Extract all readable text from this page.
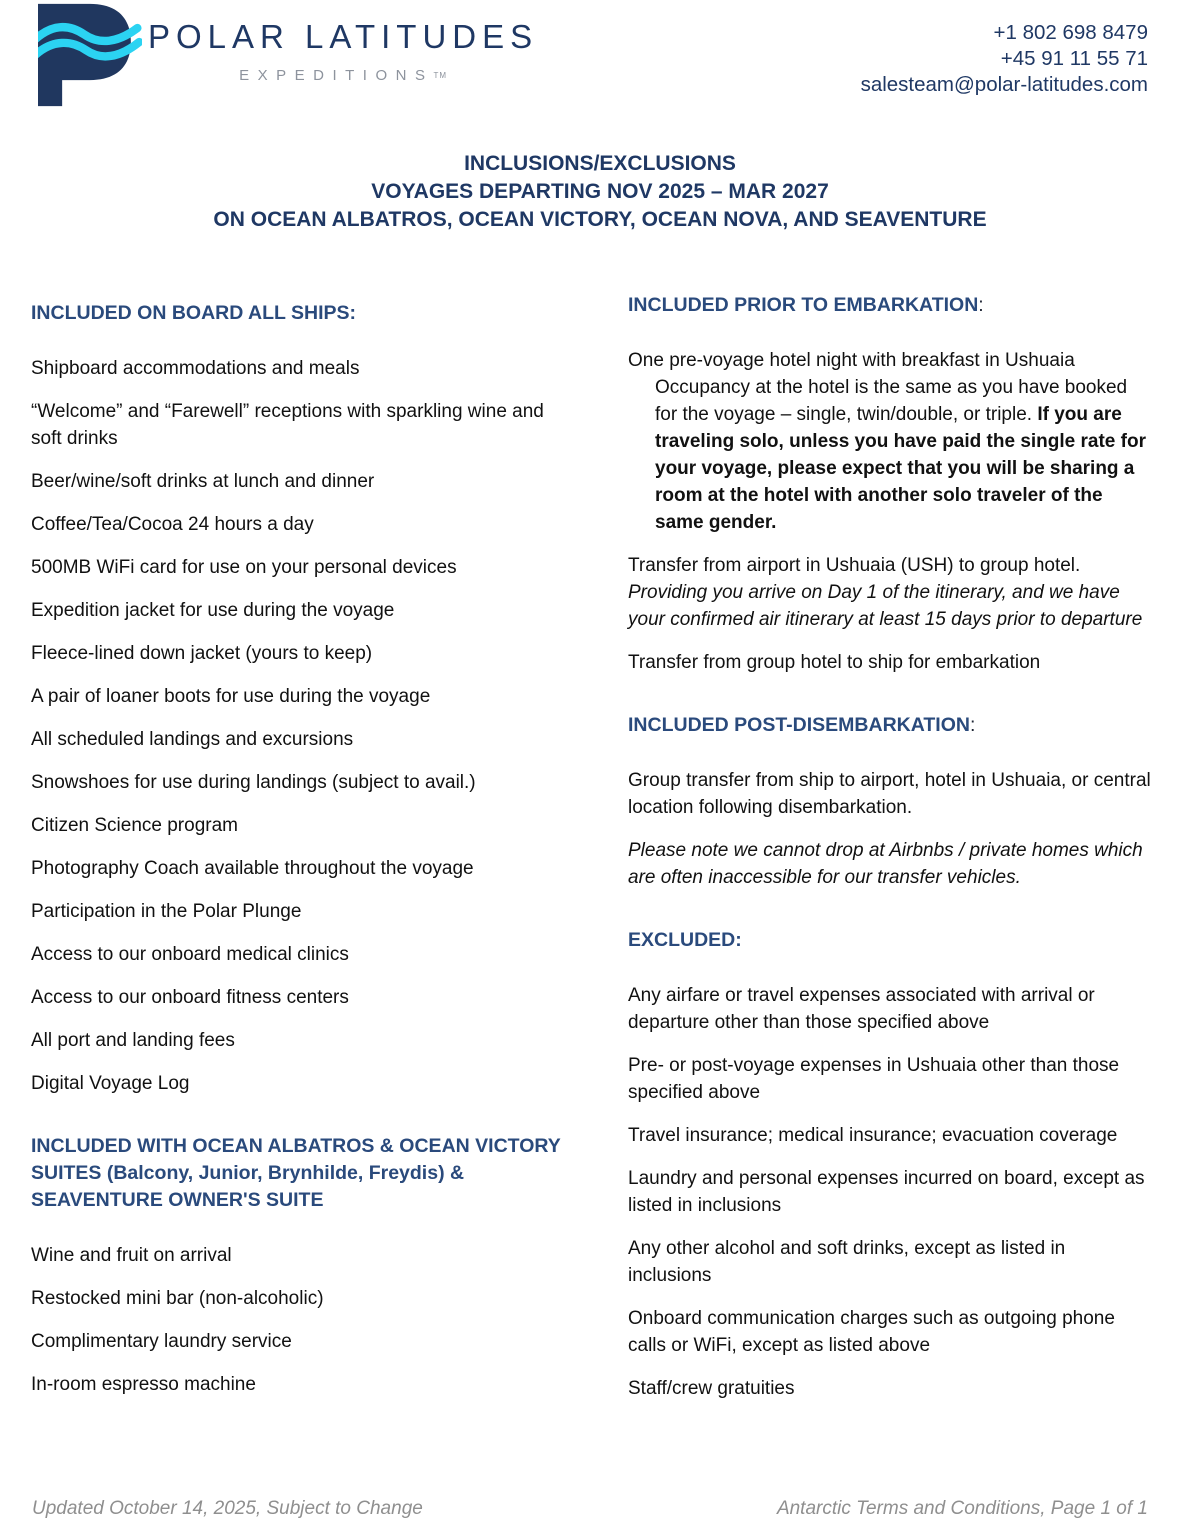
POLAR LATITUDES
EXPEDITIONSTM
+1 802 698 8479
+45 91 11 55 71
salesteam@polar-latitudes.com
INCLUSIONS/EXCLUSIONS
VOYAGES DEPARTING NOV 2025 – MAR 2027
ON OCEAN ALBATROS, OCEAN VICTORY, OCEAN NOVA, AND SEAVENTURE
INCLUDED ON BOARD ALL SHIPS:

Shipboard accommodations and meals

“Welcome” and “Farewell” receptions with sparkling wine and soft drinks

Beer/wine/soft drinks at lunch and dinner

Coffee/Tea/Cocoa 24 hours a day

500MB WiFi card for use on your personal devices

Expedition jacket for use during the voyage

Fleece-lined down jacket (yours to keep)

A pair of loaner boots for use during the voyage

All scheduled landings and excursions

Snowshoes for use during landings (subject to avail.)

Citizen Science program

Photography Coach available throughout the voyage

Participation in the Polar Plunge

Access to our onboard medical clinics

Access to our onboard fitness centers

All port and landing fees

Digital Voyage Log

INCLUDED WITH OCEAN ALBATROS & OCEAN VICTORY SUITES (Balcony, Junior, Brynhilde, Freydis) & SEAVENTURE OWNER'S SUITE

Wine and fruit on arrival

Restocked mini bar (non-alcoholic)

Complimentary laundry service

In-room espresso machine

INCLUDED PRIOR TO EMBARKATION:

One pre-voyage hotel night with breakfast in Ushuaia
Occupancy at the hotel is the same as you have booked for the voyage – single, twin/double, or triple. If you are traveling solo, unless you have paid the single rate for your voyage, please expect that you will be sharing a room at the hotel with another solo traveler of the same gender.

Transfer from airport in Ushuaia (USH) to group hotel.
Providing you arrive on Day 1 of the itinerary, and we have your confirmed air itinerary at least 15 days prior to departure

Transfer from group hotel to ship for embarkation

INCLUDED POST-DISEMBARKATION:

Group transfer from ship to airport, hotel in Ushuaia, or central location following disembarkation.

Please note we cannot drop at Airbnbs / private homes which are often inaccessible for our transfer vehicles.

EXCLUDED:

Any airfare or travel expenses associated with arrival or departure other than those specified above

Pre- or post-voyage expenses in Ushuaia other than those specified above

Travel insurance; medical insurance; evacuation coverage

Laundry and personal expenses incurred on board, except as listed in inclusions

Any other alcohol and soft drinks, except as listed in inclusions

Onboard communication charges such as outgoing phone calls or WiFi, except as listed above

Staff/crew gratuities

Updated October 14, 2025, Subject to Change	Antarctic Terms and Conditions, Page 1 of 1
